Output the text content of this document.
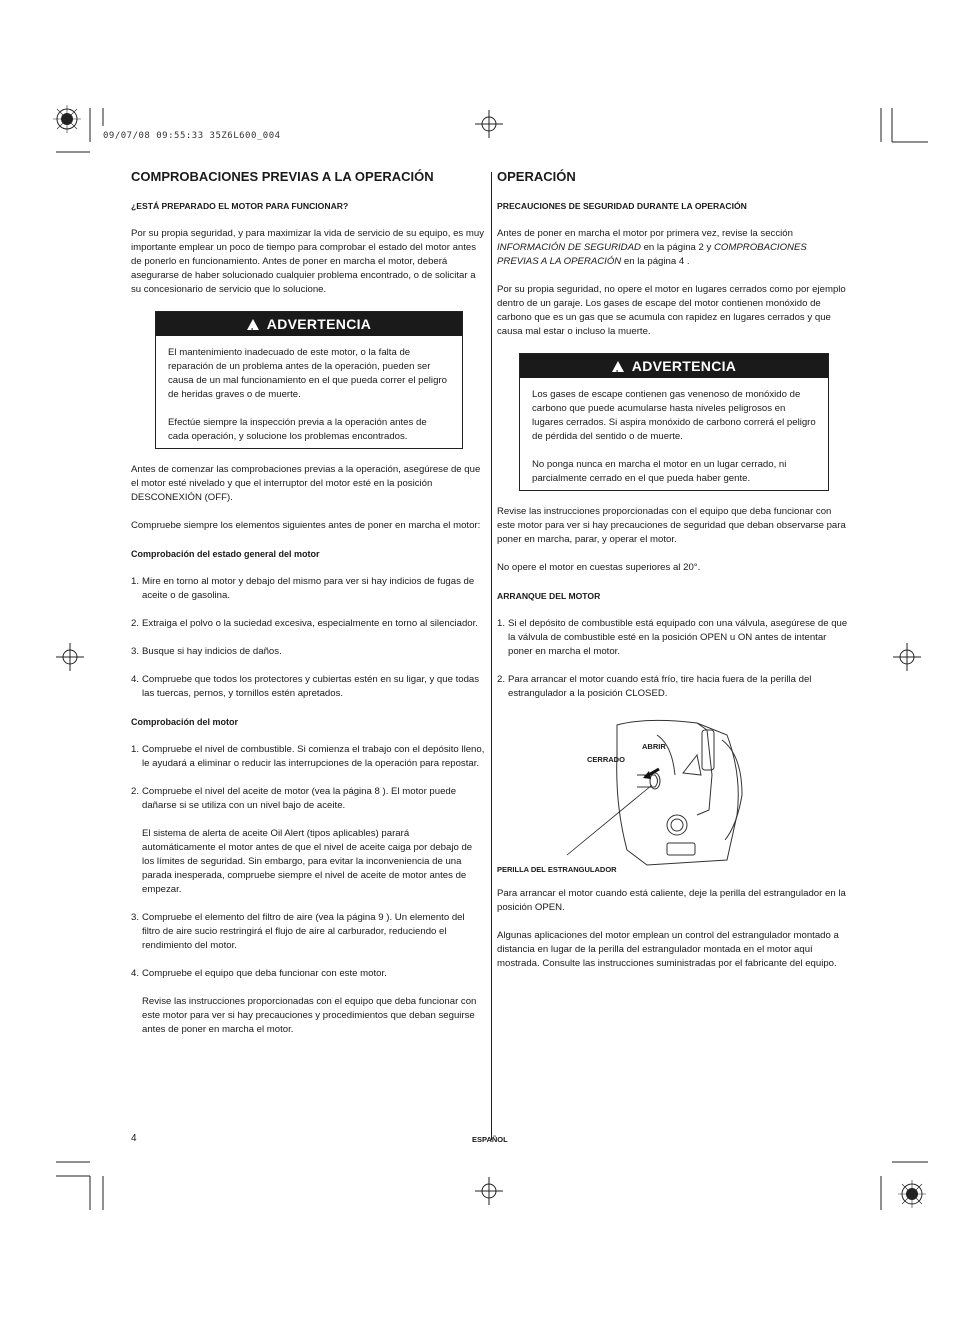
09/07/08 09:55:33 35Z6L600_004
COMPROBACIONES PREVIAS A LA OPERACIÓN
¿ESTÁ PREPARADO EL MOTOR PARA FUNCIONAR?

Por su propia seguridad, y para maximizar la vida de servicio de su equipo, es muy importante emplear un poco de tiempo para comprobar el estado del motor antes de ponerlo en funcionamiento. Antes de poner en marcha el motor, deberá asegurarse de haber solucionado cualquier problema encontrado, o de solicitar a su concesionario de servicio que lo solucione.

!ADVERTENCIA

El mantenimiento inadecuado de este motor, o la falta de reparación de un problema antes de la operación, pueden ser causa de un mal funcionamiento en el que pueda correr el peligro de heridas graves o de muerte.

Efectúe siempre la inspección previa a la operación antes de cada operación, y solucione los problemas encontrados.

Antes de comenzar las comprobaciones previas a la operación, asegúrese de que el motor esté nivelado y que el interruptor del motor esté en la posición DESCONEXIÓN (OFF).

Compruebe siempre los elementos siguientes antes de poner en marcha el motor:

Comprobación del estado general del motor
1. Mire en torno al motor y debajo del mismo para ver si hay indicios de fugas de aceite o de gasolina.
2. Extraiga el polvo o la suciedad excesiva, especialmente en torno al silenciador.
3. Busque si hay indicios de daños.
4. Compruebe que todos los protectores y cubiertas estén en su ligar, y que todas las tuercas, pernos, y tornillos estén apretados.
Comprobación del motor
1. Compruebe el nivel de combustible. Si comienza el trabajo con el depósito lleno, le ayudará a eliminar o reducir las interrupciones de la operación para repostar.

2. Compruebe el nivel del aceite de motor (vea la página 8 ). El motor puede dañarse si se utiliza con un nivel bajo de aceite.

El sistema de alerta de aceite Oil Alert (tipos aplicables) parará automáticamente el motor antes de que el nivel de aceite caiga por debajo de los límites de seguridad. Sin embargo, para evitar la inconveniencia de una parada inesperada, compruebe siempre el nivel de aceite de motor antes de empezar.

3. Compruebe el elemento del filtro de aire (vea la página 9 ). Un elemento del filtro de aire sucio restringirá el flujo de aire al carburador, reduciendo el rendimiento del motor.

4. Compruebe el equipo que deba funcionar con este motor.

Revise las instrucciones proporcionadas con el equipo que deba funcionar con este motor para ver si hay precauciones y procedimientos que deban seguirse antes de poner en marcha el motor.

OPERACIÓN
PRECAUCIONES DE SEGURIDAD DURANTE LA OPERACIÓN

Antes de poner en marcha el motor por primera vez, revise la sección INFORMACIÓN DE SEGURIDAD en la página 2 y COMPROBACIONES PREVIAS A LA OPERACIÓN en la página 4 .

Por su propia seguridad, no opere el motor en lugares cerrados como por ejemplo dentro de un garaje. Los gases de escape del motor contienen monóxido de carbono que es un gas que se acumula con rapidez en lugares cerrados y que causa mal estar o incluso la muerte.

!ADVERTENCIA

Los gases de escape contienen gas venenoso de monóxido de carbono que puede acumularse hasta niveles peligrosos en lugares cerrados. Si aspira monóxido de carbono correrá el peligro de pérdida del sentido o de muerte.

No ponga nunca en marcha el motor en un lugar cerrado, ni parcialmente cerrado en el que pueda haber gente.

Revise las instrucciones proporcionadas con el equipo que deba funcionar con este motor para ver si hay precauciones de seguridad que deban observarse para poner en marcha, parar, y operar el motor.

No opere el motor en cuestas superiores al 20°.

ARRANQUE DEL MOTOR
1. Si el depósito de combustible está equipado con una válvula, asegúrese de que la válvula de combustible esté en la posición OPEN u ON antes de intentar poner en marcha el motor.
2. Para arrancar el motor cuando está frío, tire hacia fuera de la perilla del estrangulador a la posición CLOSED.
CERRADO
ABRIR
PERILLA DEL ESTRANGULADOR

Para arrancar el motor cuando está caliente, deje la perilla del estrangulador en la posición OPEN.

Algunas aplicaciones del motor emplean un control del estrangulador montado a distancia en lugar de la perilla del estrangulador montada en el motor aquí mostrada. Consulte las instrucciones suministradas por el fabricante del equipo.

4	ESPAÑOL
